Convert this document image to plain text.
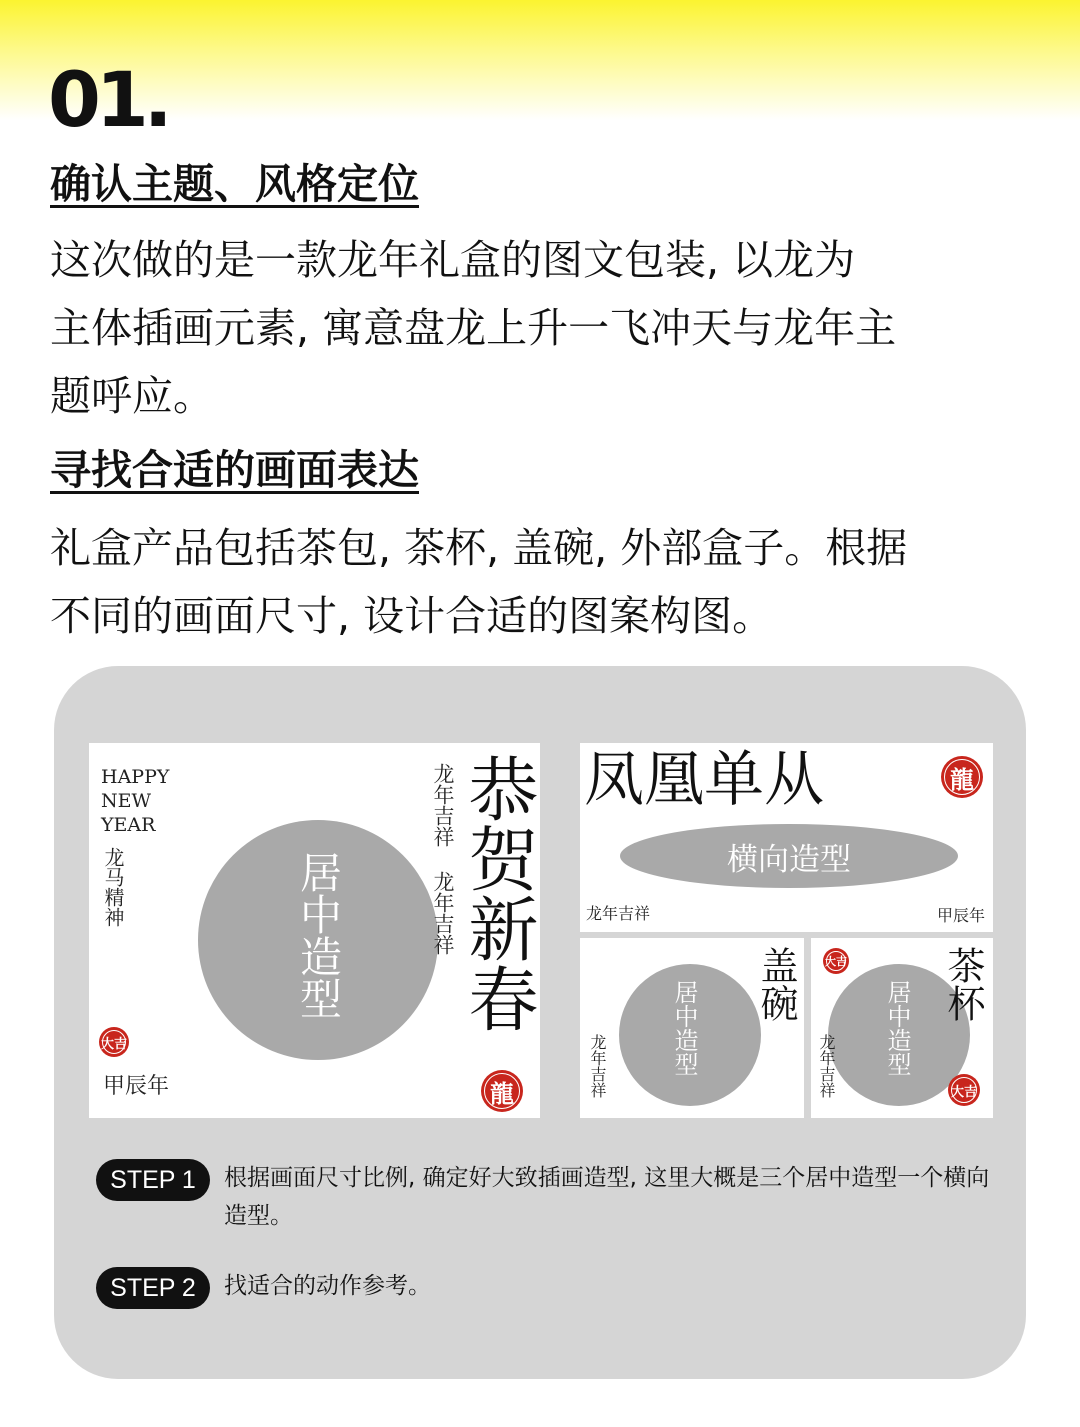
01.
确认主题、风格定位
这次做的是一款龙年礼盒的图文包装, 以龙为
主体插画元素, 寓意盘龙上升一飞冲天与龙年主
题呼应。
寻找合适的画面表达
礼盒产品包括茶包, 茶杯, 盖碗, 外部盒子。根据
不同的画面尺寸, 设计合适的图案构图。
HAPPY
NEW
YEAR
龙马精神	居中造型
龙年吉祥
龙年吉祥 恭贺新春
大吉
甲辰年	龍
凤凰单从	龍
横向造型
龙年吉祥	甲辰年
居中造型 盖碗
龙年吉祥
大吉
居中造型 茶杯
龙年吉祥	大吉
STEP 1	根据画面尺寸比例, 确定好大致插画造型, 这里大概是三个居中造型一个横向造型。
STEP 2	找适合的动作参考。
